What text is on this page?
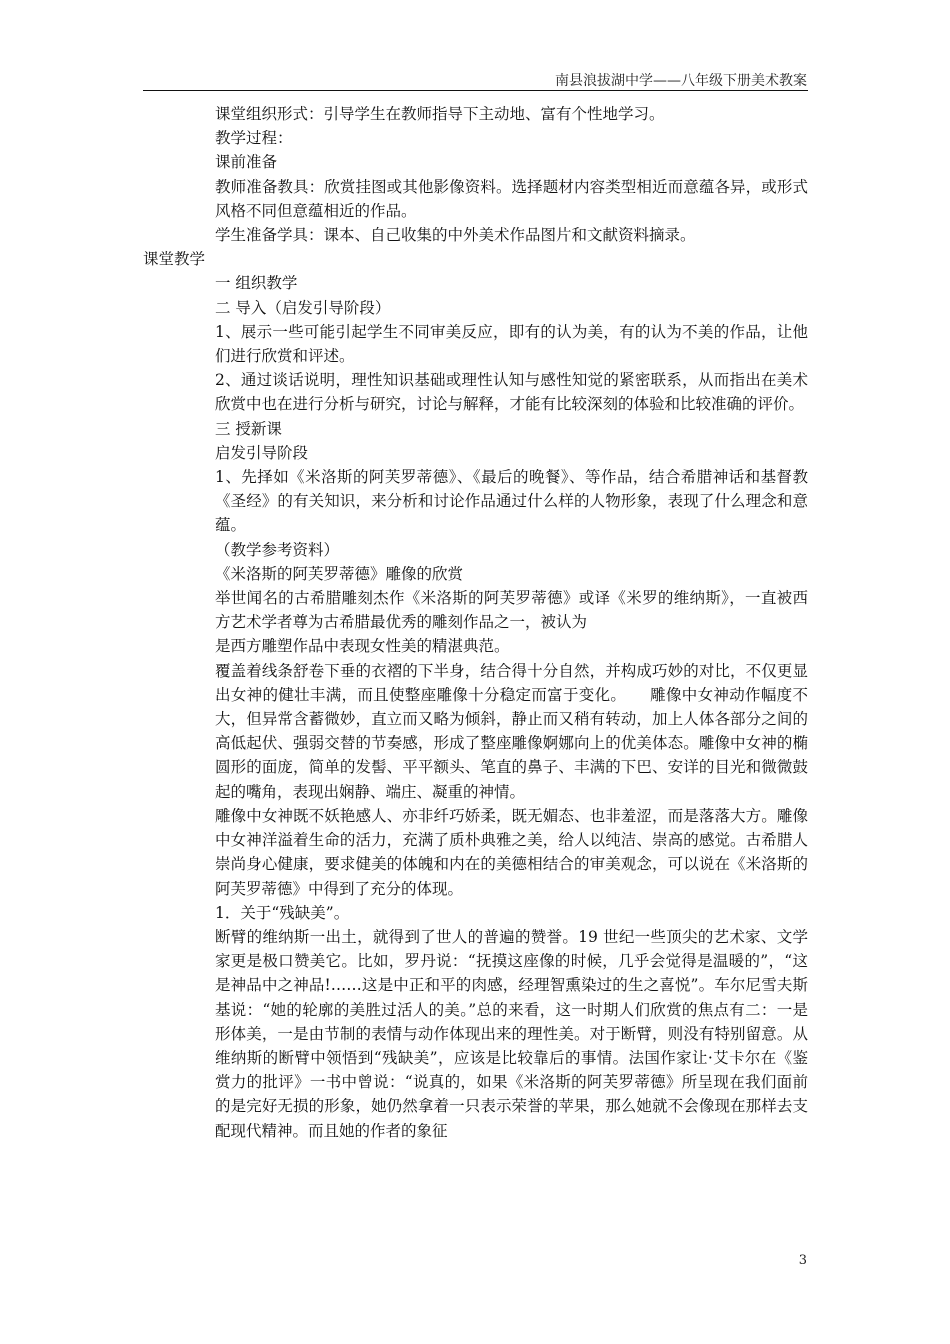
南县浪拔湖中学——八年级下册美术教案

课堂组织形式：引导学生在教师指导下主动地、富有个性地学习。

教学过程：

课前准备

教师准备教具：欣赏挂图或其他影像资料。选择题材内容类型相近而意蕴各异，或形式风格不同但意蕴相近的作品。

学生准备学具：课本、自己收集的中外美术作品图片和文献资料摘录。

课堂教学

一 组织教学

二 导入（启发引导阶段）

1、展示一些可能引起学生不同审美反应，即有的认为美，有的认为不美的作品，让他们进行欣赏和评述。

2、通过谈话说明，理性知识基础或理性认知与感性知觉的紧密联系，从而指出在美术欣赏中也在进行分析与研究，讨论与解释，才能有比较深刻的体验和比较准确的评价。

三 授新课

启发引导阶段

1、先择如《米洛斯的阿芙罗蒂德》、《最后的晚餐》、等作品，结合希腊神话和基督教《圣经》的有关知识，来分析和讨论作品通过什么样的人物形象，表现了什么理念和意蕴。

（教学参考资料）

《米洛斯的阿芙罗蒂德》雕像的欣赏

举世闻名的古希腊雕刻杰作《米洛斯的阿芙罗蒂德》或译《米罗的维纳斯》，一直被西方艺术学者尊为古希腊最优秀的雕刻作品之一，被认为

是西方雕塑作品中表现女性美的精湛典范。

覆盖着线条舒卷下垂的衣褶的下半身，结合得十分自然，并构成巧妙的对比，不仅更显出女神的健壮丰满，而且使整座雕像十分稳定而富于变化。　　雕像中女神动作幅度不大，但异常含蓄微妙，直立而又略为倾斜，静止而又稍有转动，加上人体各部分之间的高低起伏、强弱交替的节奏感，形成了整座雕像婀娜向上的优美体态。雕像中女神的椭圆形的面庞，简单的发髻、平平额头、笔直的鼻子、丰满的下巴、安详的目光和微微鼓起的嘴角，表现出娴静、端庄、凝重的神情。

雕像中女神既不妖艳感人、亦非纤巧娇柔，既无媚态、也非羞涩，而是落落大方。雕像中女神洋溢着生命的活力，充满了质朴典雅之美，给人以纯洁、崇高的感觉。古希腊人崇尚身心健康，要求健美的体魄和内在的美德相结合的审美观念，可以说在《米洛斯的阿芙罗蒂德》中得到了充分的体现。

1．关于“残缺美”。

断臂的维纳斯一出土，就得到了世人的普遍的赞誉。19 世纪一些顶尖的艺术家、文学家更是极口赞美它。比如，罗丹说：“抚摸这座像的时候，几乎会觉得是温暖的”，“这是神品中之神品!……这是中正和平的肉感，经理智熏染过的生之喜悦”。车尔尼雪夫斯基说：“她的轮廓的美胜过活人的美。”总的来看，这一时期人们欣赏的焦点有二：一是形体美，一是由节制的表情与动作体现出来的理性美。对于断臂，则没有特别留意。从维纳斯的断臂中领悟到“残缺美”，应该是比较靠后的事情。法国作家让·艾卡尔在《鉴赏力的批评》一书中曾说：“说真的，如果《米洛斯的阿芙罗蒂德》所呈现在我们面前的是完好无损的形象，她仍然拿着一只表示荣誉的苹果，那么她就不会像现在那样去支配现代精神。而且她的作者的象征

3
